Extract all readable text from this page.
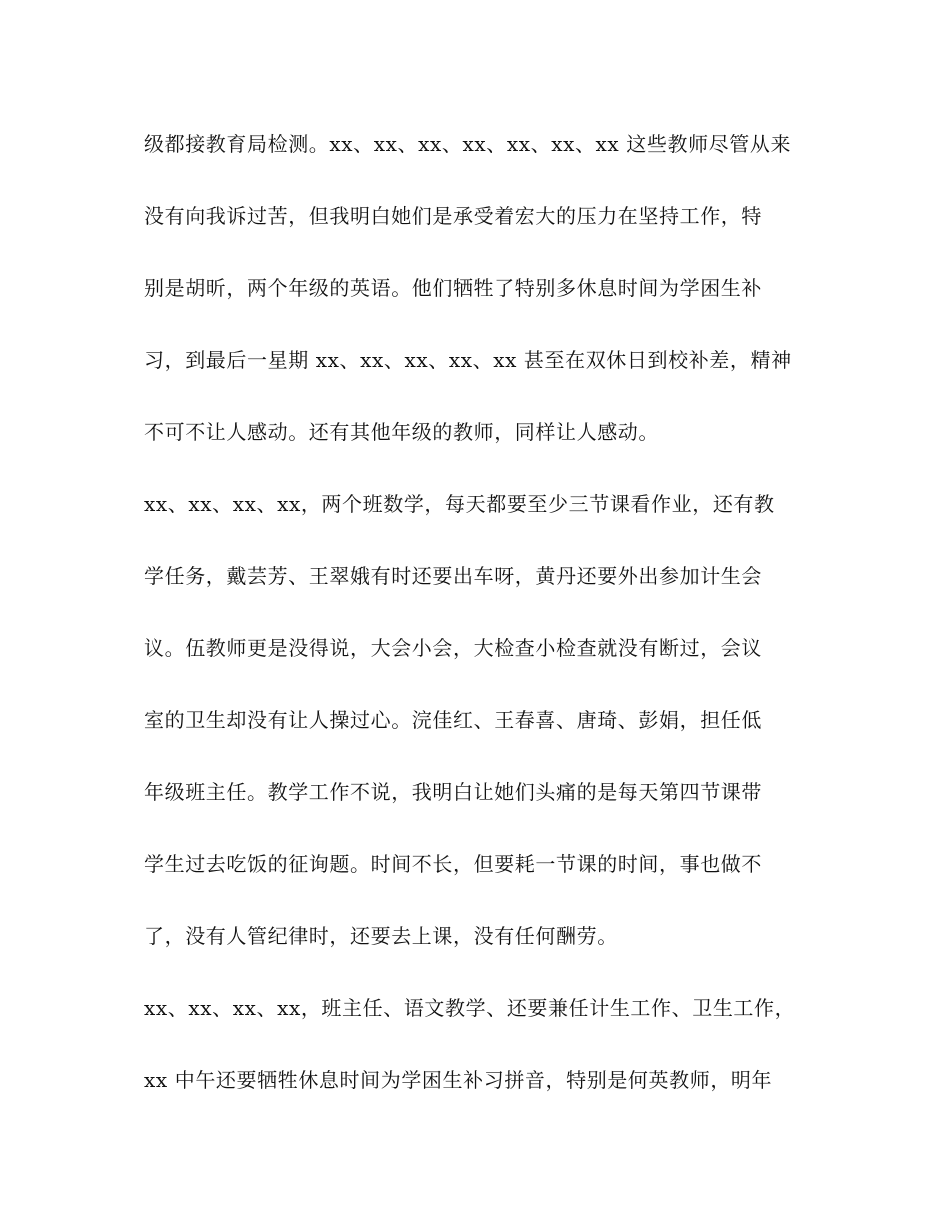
级都接教育局检测。xx、xx、xx、xx、xx、xx、xx 这些教师尽管从来
没有向我诉过苦，但我明白她们是承受着宏大的压力在坚持工作，特
别是胡昕，两个年级的英语。他们牺牲了特别多休息时间为学困生补
习，到最后一星期 xx、xx、xx、xx、xx 甚至在双休日到校补差，精神
不可不让人感动。还有其他年级的教师，同样让人感动。
xx、xx、xx、xx，两个班数学，每天都要至少三节课看作业，还有教
学任务，戴芸芳、王翠娥有时还要出车呀，黄丹还要外出参加计生会
议。伍教师更是没得说，大会小会，大检查小检查就没有断过，会议
室的卫生却没有让人操过心。浣佳红、王春喜、唐琦、彭娟，担任低
年级班主任。教学工作不说，我明白让她们头痛的是每天第四节课带
学生过去吃饭的征询题。时间不长，但要耗一节课的时间，事也做不
了，没有人管纪律时，还要去上课，没有任何酬劳。
xx、xx、xx、xx，班主任、语文教学、还要兼任计生工作、卫生工作，
xx 中午还要牺牲休息时间为学困生补习拼音，特别是何英教师，明年
